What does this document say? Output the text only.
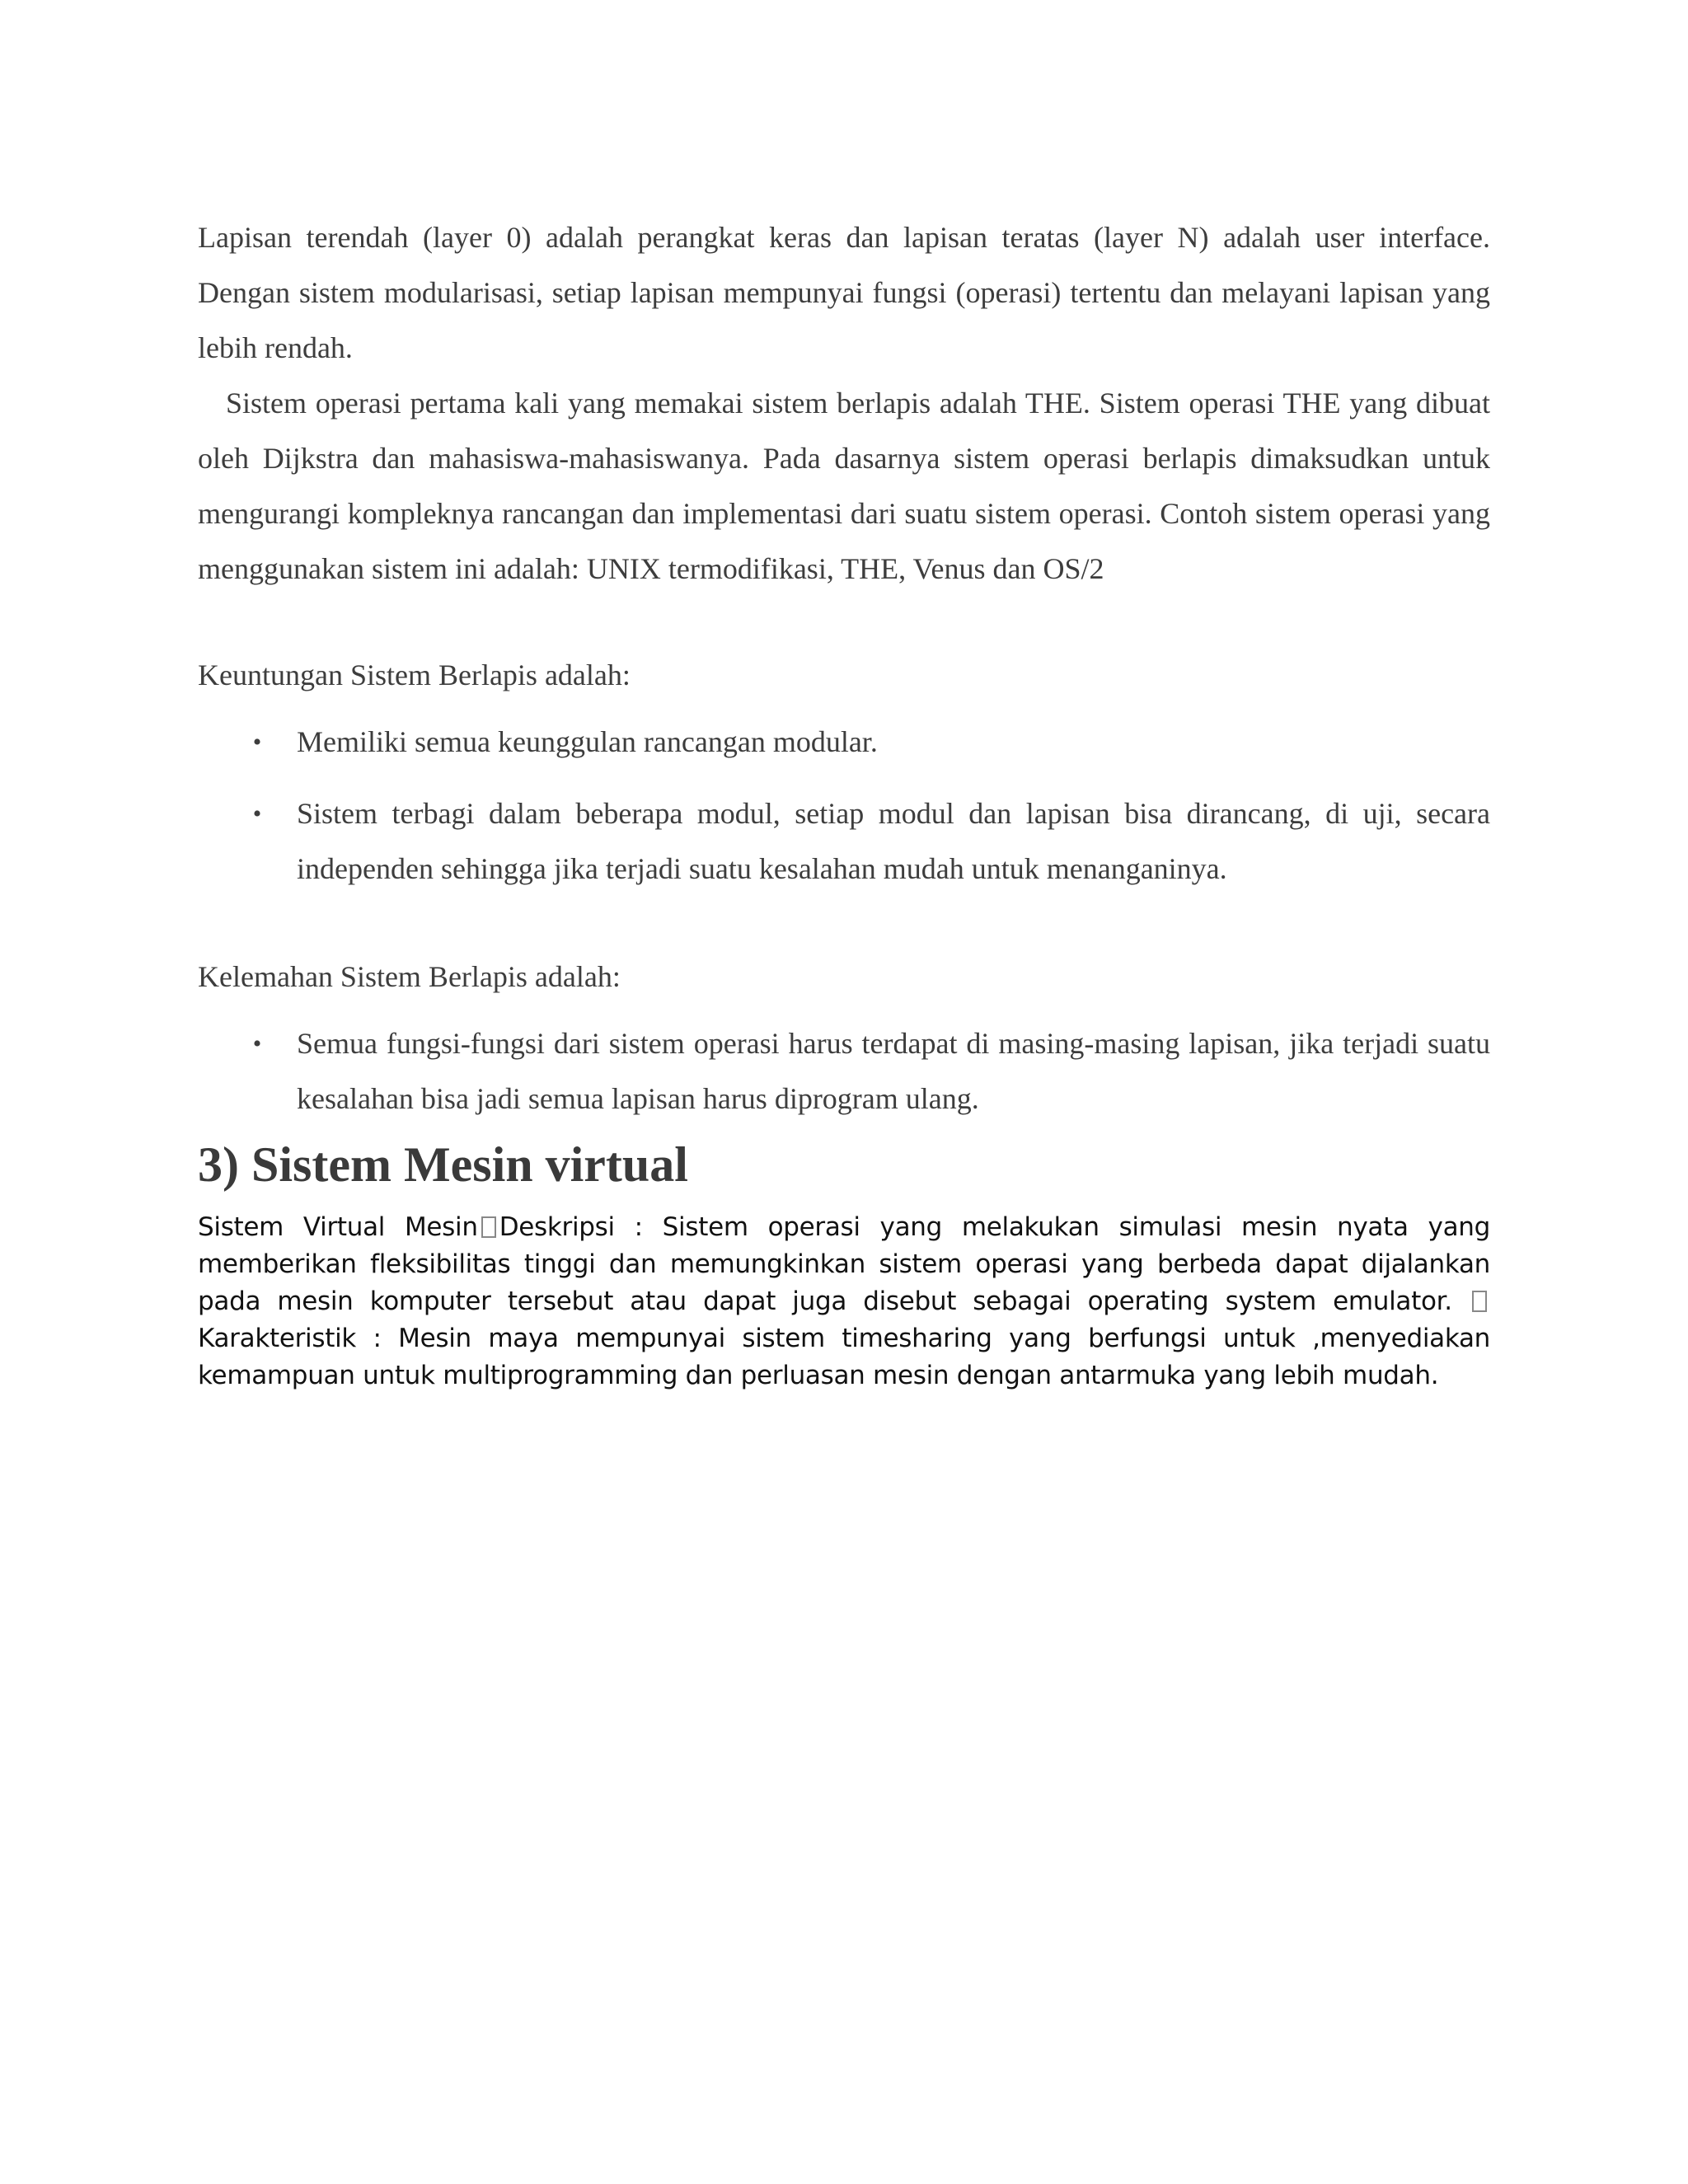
Lapisan terendah (layer 0) adalah perangkat keras dan lapisan teratas (layer N) adalah user interface. Dengan sistem modularisasi, setiap lapisan mempunyai fungsi (operasi) tertentu dan melayani lapisan yang lebih rendah.

Sistem operasi pertama kali yang memakai sistem berlapis adalah THE. Sistem operasi THE yang dibuat oleh Dijkstra dan mahasiswa-mahasiswanya. Pada dasarnya sistem operasi berlapis dimaksudkan untuk mengurangi kompleknya rancangan dan implementasi dari suatu sistem operasi. Contoh sistem operasi yang menggunakan sistem ini adalah: UNIX termodifikasi, THE, Venus dan OS/2

Keuntungan Sistem Berlapis adalah:

• Memiliki semua keunggulan rancangan modular.
• Sistem terbagi dalam beberapa modul, setiap modul dan lapisan bisa dirancang, di uji, secara independen sehingga jika terjadi suatu kesalahan mudah untuk menanganinya.

Kelemahan Sistem Berlapis adalah:

• Semua fungsi-fungsi dari sistem operasi harus terdapat di masing-masing lapisan, jika terjadi suatu kesalahan bisa jadi semua lapisan harus diprogram ulang.
3) Sistem Mesin virtual

Sistem Virtual Mesin Deskripsi : Sistem operasi yang melakukan simulasi mesin nyata yang memberikan fleksibilitas tinggi dan memungkinkan sistem operasi yang berbeda dapat dijalankan pada mesin komputer tersebut atau dapat juga disebut sebagai operating system emulator.  Karakteristik : Mesin maya mempunyai sistem timesharing yang berfungsi untuk ,menyediakan kemampuan untuk multiprogramming dan perluasan mesin dengan antarmuka yang lebih mudah.
